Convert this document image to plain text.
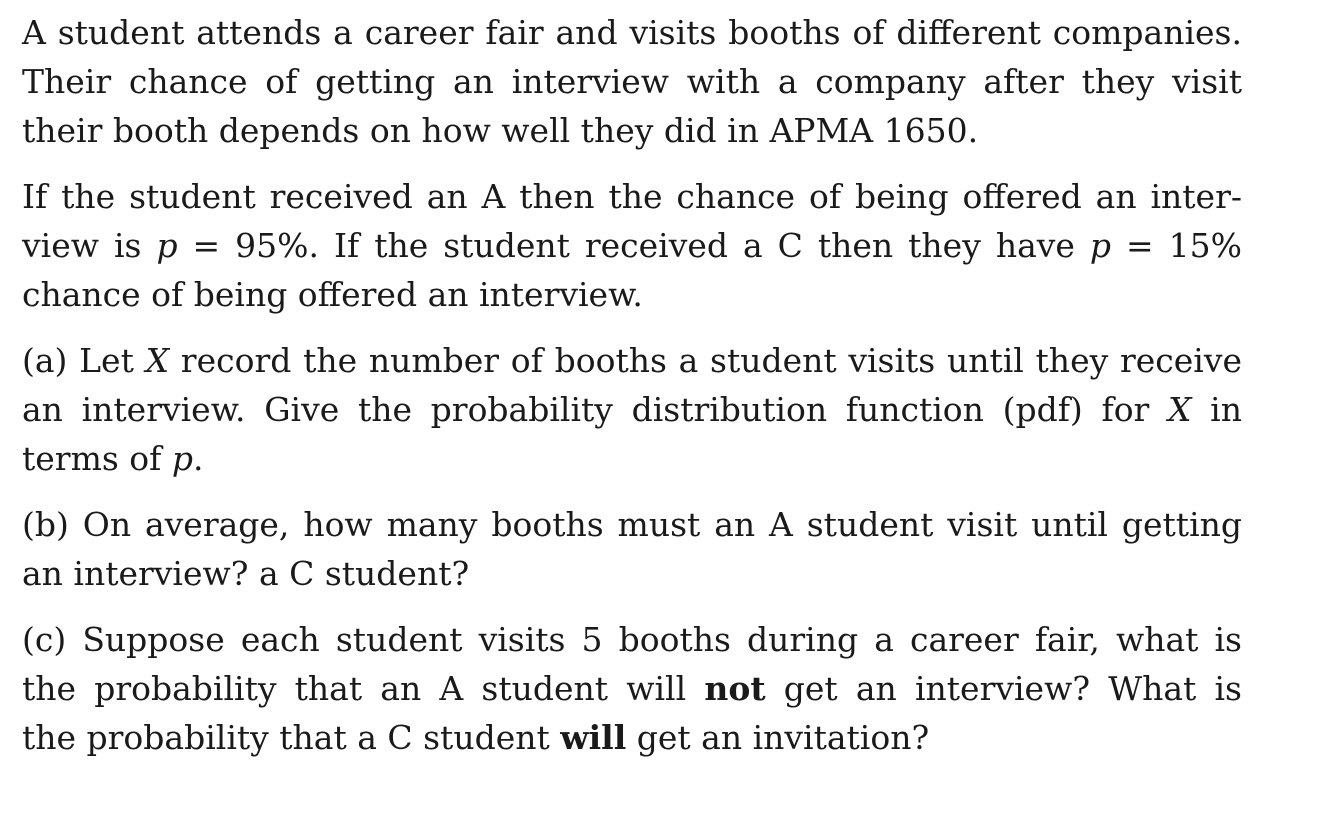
A student attends a career fair and visits booths of different companies.
Their chance of getting an interview with a company after they visit
their booth depends on how well they did in APMA 1650.
If the student received an A then the chance of being offered an inter-
view is p = 95%. If the student received a C then they have p = 15%
chance of being offered an interview.
(a) Let X record the number of booths a student visits until they receive
an interview. Give the probability distribution function (pdf) for X in
terms of p.
(b) On average, how many booths must an A student visit until getting
an interview? a C student?
(c) Suppose each student visits 5 booths during a career fair, what is
the probability that an A student will not get an interview? What is
the probability that a C student will get an invitation?
